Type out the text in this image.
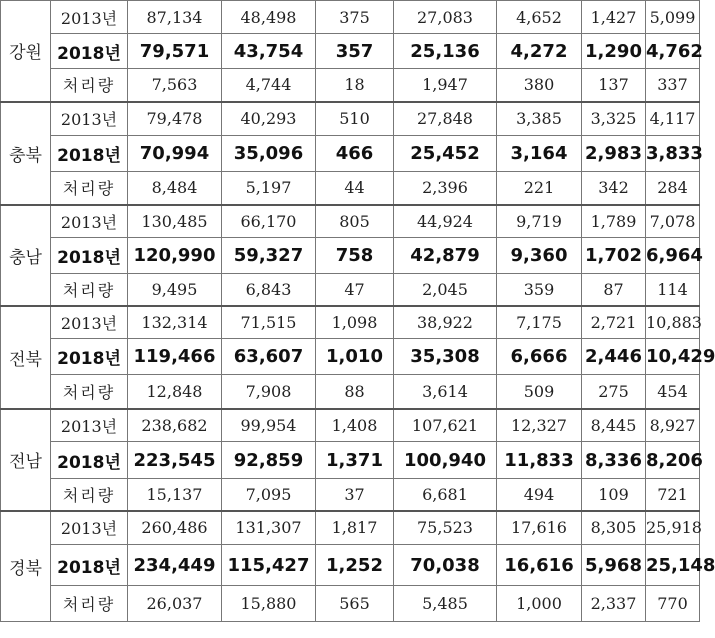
강원	2013년	87,134	48,498	375	27,083	4,652	1,427	5,099
	2018년	79,571	43,754	357	25,136	4,272	1,290	4,762
	처리량	7,563	4,744	18	1,947	380	137	337
충북	2013년	79,478	40,293	510	27,848	3,385	3,325	4,117
	2018년	70,994	35,096	466	25,452	3,164	2,983	3,833
	처리량	8,484	5,197	44	2,396	221	342	284
충남	2013년	130,485	66,170	805	44,924	9,719	1,789	7,078
	2018년	120,990	59,327	758	42,879	9,360	1,702	6,964
	처리량	9,495	6,843	47	2,045	359	87	114
전북	2013년	132,314	71,515	1,098	38,922	7,175	2,721	10,883
	2018년	119,466	63,607	1,010	35,308	6,666	2,446	10,429
	처리량	12,848	7,908	88	3,614	509	275	454
전남	2013년	238,682	99,954	1,408	107,621	12,327	8,445	8,927
	2018년	223,545	92,859	1,371	100,940	11,833	8,336	8,206
	처리량	15,137	7,095	37	6,681	494	109	721
경북	2013년	260,486	131,307	1,817	75,523	17,616	8,305	25,918
	2018년	234,449	115,427	1,252	70,038	16,616	5,968	25,148
	처리량	26,037	15,880	565	5,485	1,000	2,337	770
